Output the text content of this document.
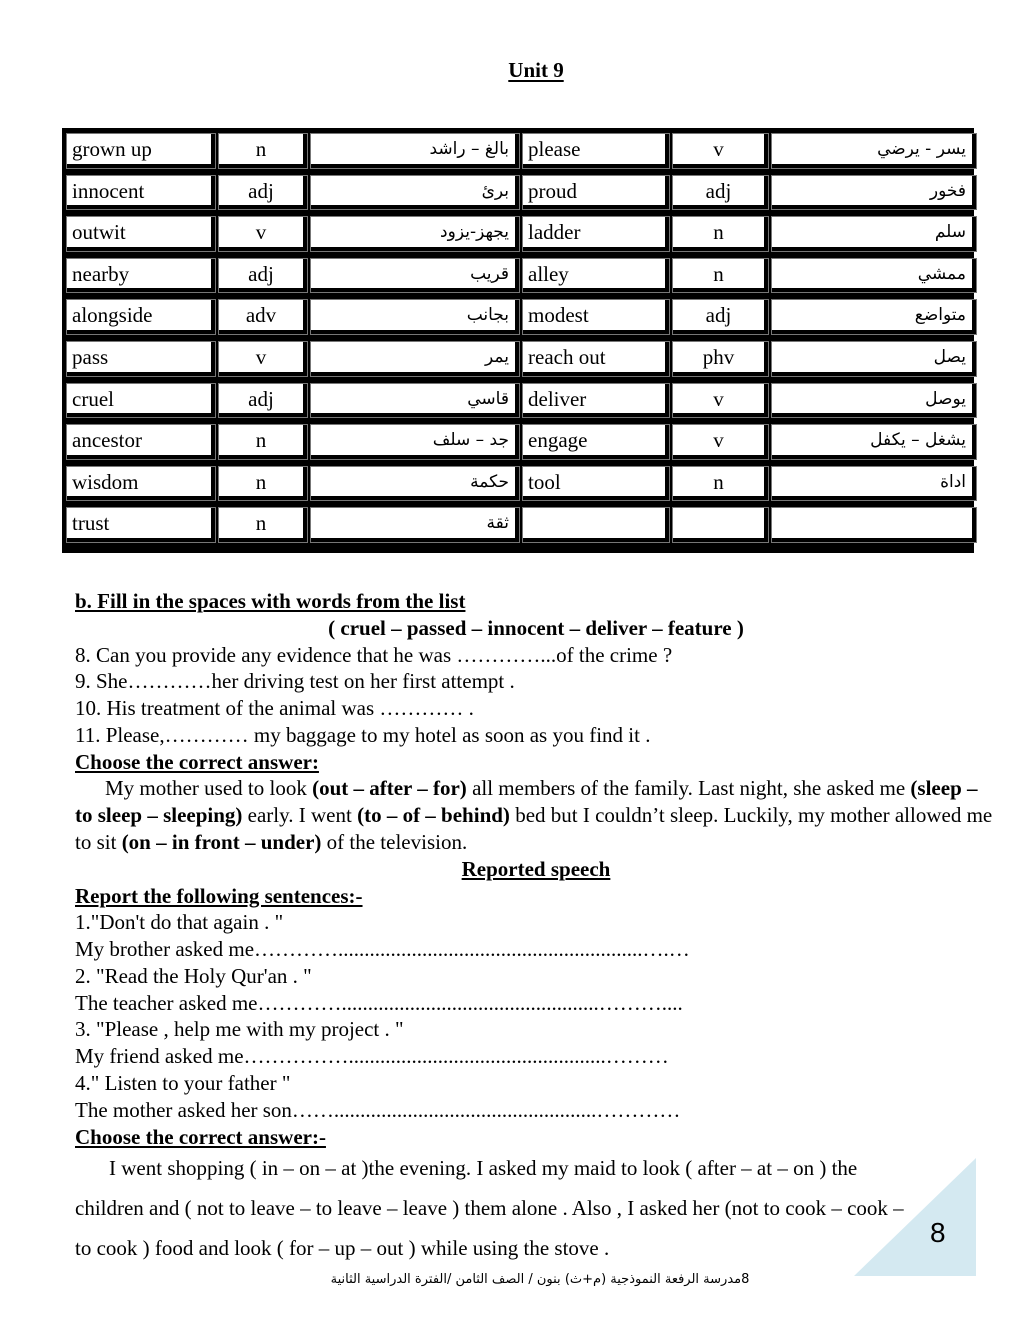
Unit 9
grown up	n	بالغ – راشد please	v	يسر - يرضي
innocent	adj	برئ proud	adj	فخور
outwit	v	يجهز-يزود ladder	n	سلم
nearby	adj	قريب alley	n	ممشي
alongside	adv	بجانب modest	adj	متواضع
pass	v	يمر reach out	phv	يصل
cruel	adj	قاسي deliver	v	يوصل
ancestor	n	جد – سلف engage	v	يشغل – يكفل
wisdom	n	حكمة tool	n	اداة
trust	n	ثقة
b. Fill in the spaces with words from the list
( cruel – passed – innocent – deliver – feature )
8. Can you provide any evidence that he was …………...of the crime ?
9. She…………her driving test on her first attempt .
10. His treatment of the animal was ………… .
11. Please,………… my baggage to my hotel as soon as you find it .
Choose the correct answer:
My mother used to look (out – after – for) all members of the family. Last night, she asked me (sleep – to sleep – sleeping) early. I went (to – of – behind) bed but I couldn’t sleep. Luckily, my mother allowed me to sit (on – in front – under) of the television.
Reported speech
Report the following sentences:-
1."Don't do that again . "
My brother asked me…………..........................................................….…
2. "Read the Holy Qur'an . "
The teacher asked me………….................................................………....
3. "Please , help me with my project . "
My friend asked me…………….................................................………
4." Listen to your father "
The mother asked her son……..................................................…………
Choose the correct answer:-
I went shopping ( in – on – at )the evening. I asked my maid to look ( after – at – on ) the
children and ( not to leave – to leave – leave ) them alone . Also , I asked her (not to cook – cook –
to cook ) food and look ( for – up – out ) while using the stove .	8
8مدرسة الرفعة النموذجية (م+ث) بنون / الصف الثامن /الفترة الدراسية الثانية
